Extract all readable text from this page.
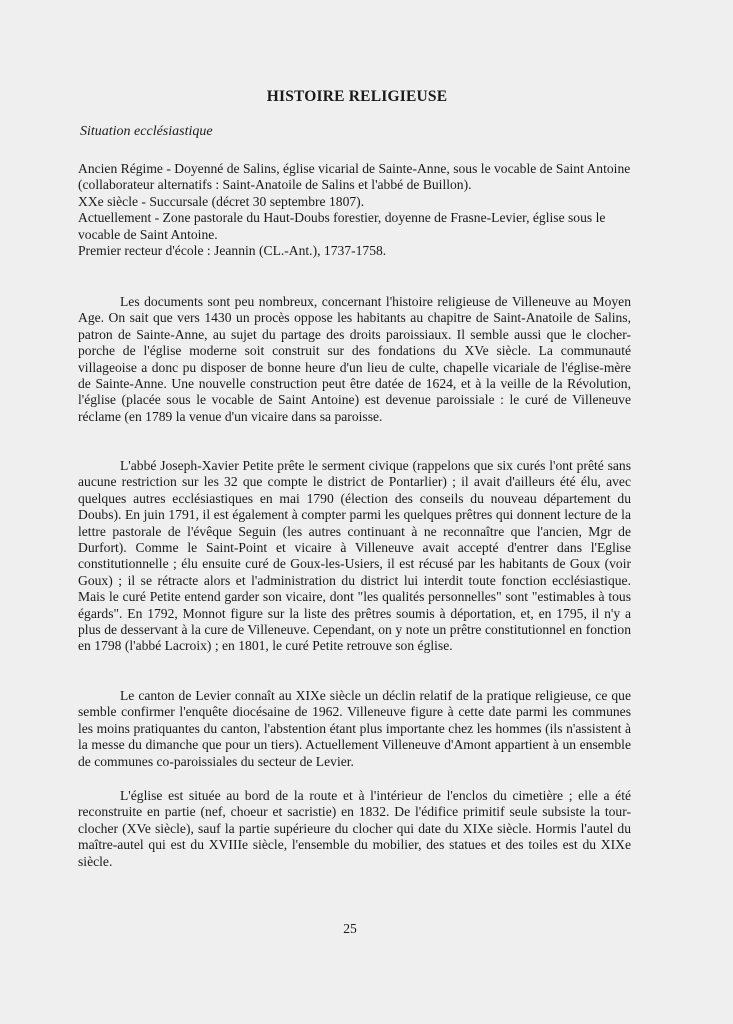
HISTOIRE RELIGIEUSE
Situation ecclésiastique

Ancien Régime - Doyenné de Salins, église vicarial de Sainte-Anne, sous le vocable de Saint Antoine (collaborateur alternatifs : Saint-Anatoile de Salins et l'abbé de Buillon).

XXe siècle - Succursale (décret 30 septembre 1807).

Actuellement - Zone pastorale du Haut-Doubs forestier, doyenne de Frasne-Levier, église sous le vocable de Saint Antoine.

Premier recteur d'école : Jeannin (CL.-Ant.), 1737-1758.

Les documents sont peu nombreux, concernant l'histoire religieuse de Villeneuve au Moyen Age. On sait que vers 1430 un procès oppose les habitants au chapitre de Saint-Anatoile de Salins, patron de Sainte-Anne, au sujet du partage des droits paroissiaux. Il semble aussi que le clocher-porche de l'église moderne soit construit sur des fondations du XVe siècle. La communauté villageoise a donc pu disposer de bonne heure d'un lieu de culte, chapelle vicariale de l'église-mère de Sainte-Anne. Une nouvelle construction peut être datée de 1624, et à la veille de la Révolution, l'église (placée sous le vocable de Saint Antoine) est devenue paroissiale : le curé de Villeneuve réclame (en 1789 la venue d'un vicaire dans sa paroisse.

L'abbé Joseph-Xavier Petite prête le serment civique (rappelons que six curés l'ont prêté sans aucune restriction sur les 32 que compte le district de Pontarlier) ; il avait d'ailleurs été élu, avec quelques autres ecclésiastiques en mai 1790 (élection des conseils du nouveau département du Doubs). En juin 1791, il est également à compter parmi les quelques prêtres qui donnent lecture de la lettre pastorale de l'évêque Seguin (les autres continuant à ne reconnaître que l'ancien, Mgr de Durfort). Comme le Saint-Point et vicaire à Villeneuve avait accepté d'entrer dans l'Eglise constitutionnelle ; élu ensuite curé de Goux-les-Usiers, il est récusé par les habitants de Goux (voir Goux) ; il se rétracte alors et l'administration du district lui interdit toute fonction ecclésiastique. Mais le curé Petite entend garder son vicaire, dont "les qualités personnelles" sont "estimables à tous égards". En 1792, Monnot figure sur la liste des prêtres soumis à déportation, et, en 1795, il n'y a plus de desservant à la cure de Villeneuve. Cependant, on y note un prêtre constitutionnel en fonction en 1798 (l'abbé Lacroix) ; en 1801, le curé Petite retrouve son église.

Le canton de Levier connaît au XIXe siècle un déclin relatif de la pratique religieuse, ce que semble confirmer l'enquête diocésaine de 1962. Villeneuve figure à cette date parmi les communes les moins pratiquantes du canton, l'abstention étant plus importante chez les hommes (ils n'assistent à la messe du dimanche que pour un tiers). Actuellement Villeneuve d'Amont appartient à un ensemble de communes co-paroissiales du secteur de Levier.

L'église est située au bord de la route et à l'intérieur de l'enclos du cimetière ; elle a été reconstruite en partie (nef, choeur et sacristie) en 1832. De l'édifice primitif seule subsiste la tour-clocher (XVe siècle), sauf la partie supérieure du clocher qui date du XIXe siècle. Hormis l'autel du maître-autel qui est du XVIIIe siècle, l'ensemble du mobilier, des statues et des toiles est du XIXe siècle.

25
